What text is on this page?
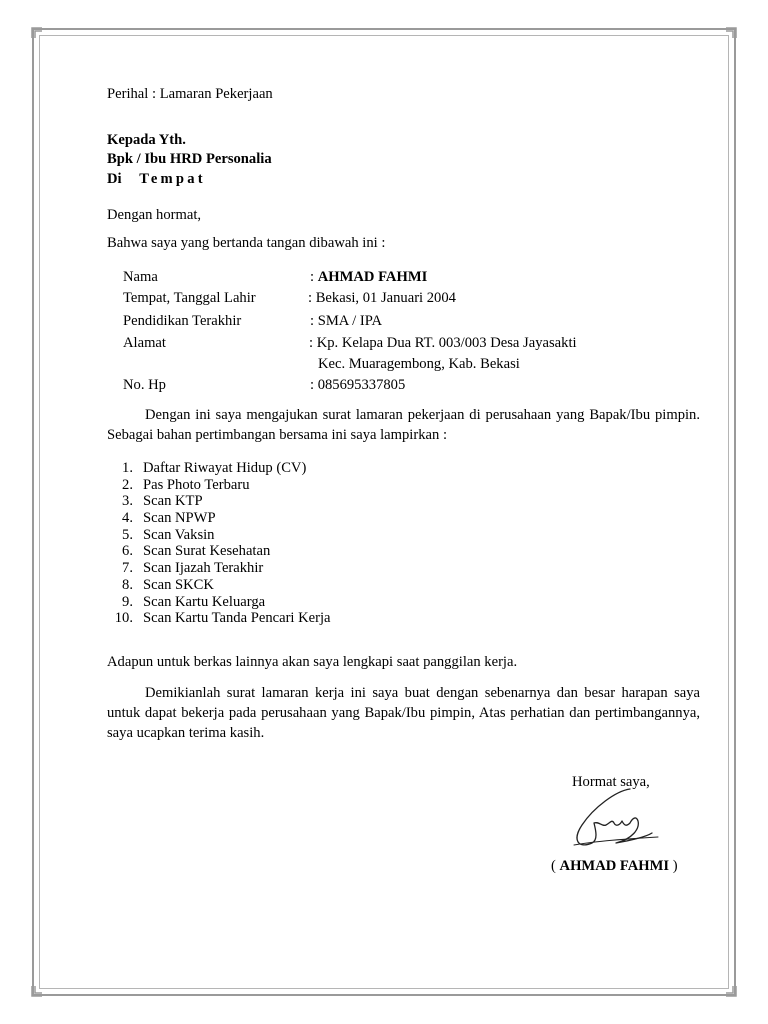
Perihal : Lamaran Pekerjaan
Kepada Yth.
Bpk / Ibu HRD Personalia
Di Tempat
Dengan hormat,
Bahwa saya yang bertanda tangan dibawah ini :
Nama	: AHMAD FAHMI
Tempat, Tanggal Lahir	: Bekasi, 01 Januari 2004
Pendidikan Terakhir	: SMA / IPA
Alamat	: Kp. Kelapa Dua RT. 003/003 Desa Jayasakti
Kec. Muaragembong, Kab. Bekasi
No. Hp	: 085695337805
Dengan ini saya mengajukan surat lamaran pekerjaan di perusahaan yang Bapak/Ibu pimpin. Sebagai bahan pertimbangan bersama ini saya lampirkan :
1. Daftar Riwayat Hidup (CV)
2. Pas Photo Terbaru
3. Scan KTP
4. Scan NPWP
5. Scan Vaksin
6. Scan Surat Kesehatan
7. Scan Ijazah Terakhir
8. Scan SKCK
9. Scan Kartu Keluarga
10. Scan Kartu Tanda Pencari Kerja
Adapun untuk berkas lainnya akan saya lengkapi saat panggilan kerja.
Demikianlah surat lamaran kerja ini saya buat dengan sebenarnya dan besar harapan saya untuk dapat bekerja pada perusahaan yang Bapak/Ibu pimpin, Atas perhatian dan pertimbangannya, saya ucapkan terima kasih.
Hormat saya,
( AHMAD FAHMI )
